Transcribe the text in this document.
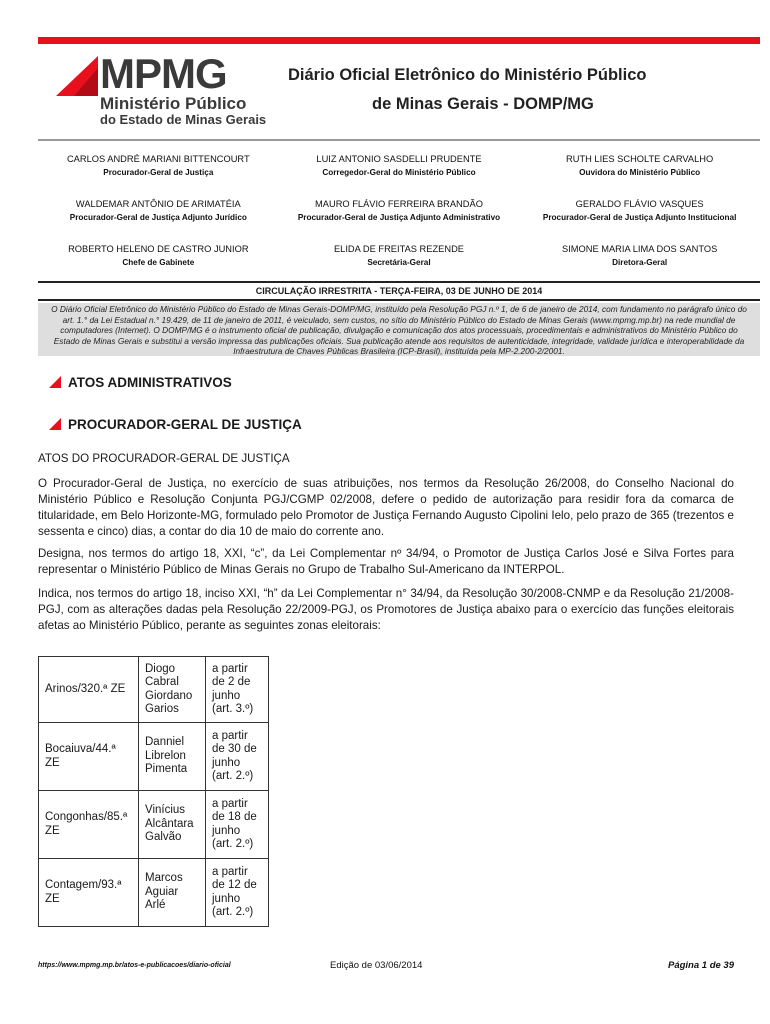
MPMG
Ministério Público
do Estado de Minas Gerais
Diário Oficial Eletrônico do Ministério Público
de Minas Gerais - DOMP/MG
CARLOS ANDRÉ MARIANI BITTENCOURT
Procurador-Geral de Justiça
LUIZ ANTONIO SASDELLI PRUDENTE
Corregedor-Geral do Ministério Público
RUTH LIES SCHOLTE CARVALHO
Ouvidora do Ministério Público
WALDEMAR ANTÔNIO DE ARIMATÉIA
Procurador-Geral de Justiça Adjunto Jurídico
MAURO FLÁVIO FERREIRA BRANDÃO
Procurador-Geral de Justiça Adjunto Administrativo
GERALDO FLÁVIO VASQUES
Procurador-Geral de Justiça Adjunto Institucional
ROBERTO HELENO DE CASTRO JUNIOR
Chefe de Gabinete
ELIDA DE FREITAS REZENDE
Secretária-Geral
SIMONE MARIA LIMA DOS SANTOS
Diretora-Geral
CIRCULAÇÃO IRRESTRITA - TERÇA-FEIRA, 03 DE JUNHO DE 2014
O Diário Oficial Eletrônico do Ministério Público do Estado de Minas Gerais-DOMP/MG, instituído pela Resolução PGJ n.º 1, de 6 de janeiro de 2014, com fundamento no parágrafo único do art. 1.° da Lei Estadual n.° 19.429, de 11 de janeiro de 2011, é veiculado, sem custos, no sítio do Ministério Público do Estado de Minas Gerais (www.mpmg.mp.br) na rede mundial de computadores (Internet). O DOMP/MG é o instrumento oficial de publicação, divulgação e comunicação dos atos processuais, procedimentais e administrativos do Ministério Público do Estado de Minas Gerais e substitui a versão impressa das publicações oficiais. Sua publicação atende aos requisitos de autenticidade, integridade, validade jurídica e interoperabilidade da Infraestrutura de Chaves Públicas Brasileira (ICP-Brasil), instituída pela MP-2.200-2/2001.
ATOS ADMINISTRATIVOS
PROCURADOR-GERAL DE JUSTIÇA
ATOS DO PROCURADOR-GERAL DE JUSTIÇA
O Procurador-Geral de Justiça, no exercício de suas atribuições, nos termos da Resolução 26/2008, do Conselho Nacional do Ministério Público e Resolução Conjunta PGJ/CGMP 02/2008, defere o pedido de autorização para residir fora da comarca de titularidade, em Belo Horizonte-MG, formulado pelo Promotor de Justiça Fernando Augusto Cipolini Ielo, pelo prazo de 365 (trezentos e sessenta e cinco) dias, a contar do dia 10 de maio do corrente ano.
Designa, nos termos do artigo 18, XXI, “c”, da Lei Complementar nº 34/94, o Promotor de Justiça Carlos José e Silva Fortes para representar o Ministério Público de Minas Gerais no Grupo de Trabalho Sul-Americano da INTERPOL.
Indica, nos termos do artigo 18, inciso XXI, “h” da Lei Complementar n° 34/94, da Resolução 30/2008-CNMP e da Resolução 21/2008-PGJ, com as alterações dadas pela Resolução 22/2009-PGJ, os Promotores de Justiça abaixo para o exercício das funções eleitorais afetas ao Ministério Público, perante as seguintes zonas eleitorais:
Arinos/320.ª ZE	Diogo Cabral Giordano Garios	a partir de 2 de junho (art. 3.º)
Bocaiuva/44.ª ZE	Danniel Librelon Pimenta	a partir de 30 de junho (art. 2.º)
Congonhas/85.ª ZE	Vinícius Alcântara Galvão	a partir de 18 de junho (art. 2.º)
Contagem/93.ª ZE	Marcos Aguiar Arlé	a partir de 12 de junho (art. 2.º)
https://www.mpmg.mp.br/atos-e-publicacoes/diario-oficial	Edição de 03/06/2014	Página 1 de 39
